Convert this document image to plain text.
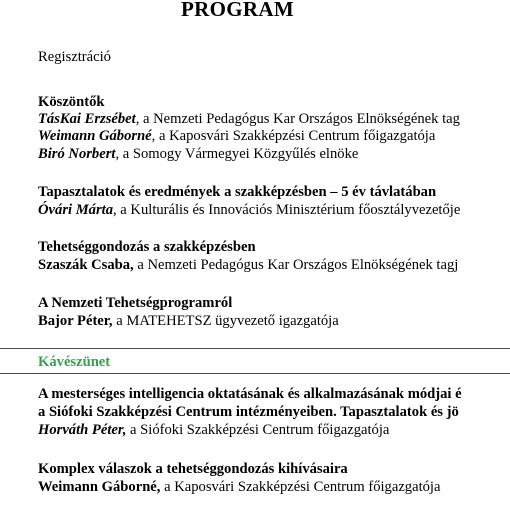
PROGRAM
Regisztráció
Köszöntők
TásKai Erzsébet, a Nemzeti Pedagógus Kar Országos Elnökségének tag
Weimann Gáborné, a Kaposvári Szakképzési Centrum főigazgatója
Biró Norbert, a Somogy Vármegyei Közgyűlés elnöke
Tapasztalatok és eredmények a szakképzésben – 5 év távlatában
Óvári Márta, a Kulturális és Innovációs Minisztérium főosztályvezetője
Tehetséggondozás a szakképzésben
Szaszák Csaba, a Nemzeti Pedagógus Kar Országos Elnökségének tagj
A Nemzeti Tehetségprogramról
Bajor Péter, a MATEHETSZ ügyvezető igazgatója
Kávészünet
A mesterséges intelligencia oktatásának és alkalmazásának módjai é
a Siófoki Szakképzési Centrum intézményeiben. Tapasztalatok és jö
Horváth Péter, a Siófoki Szakképzési Centrum főigazgatója
Komplex válaszok a tehetséggondozás kihívásaira
Weimann Gáborné, a Kaposvári Szakképzési Centrum főigazgatója
